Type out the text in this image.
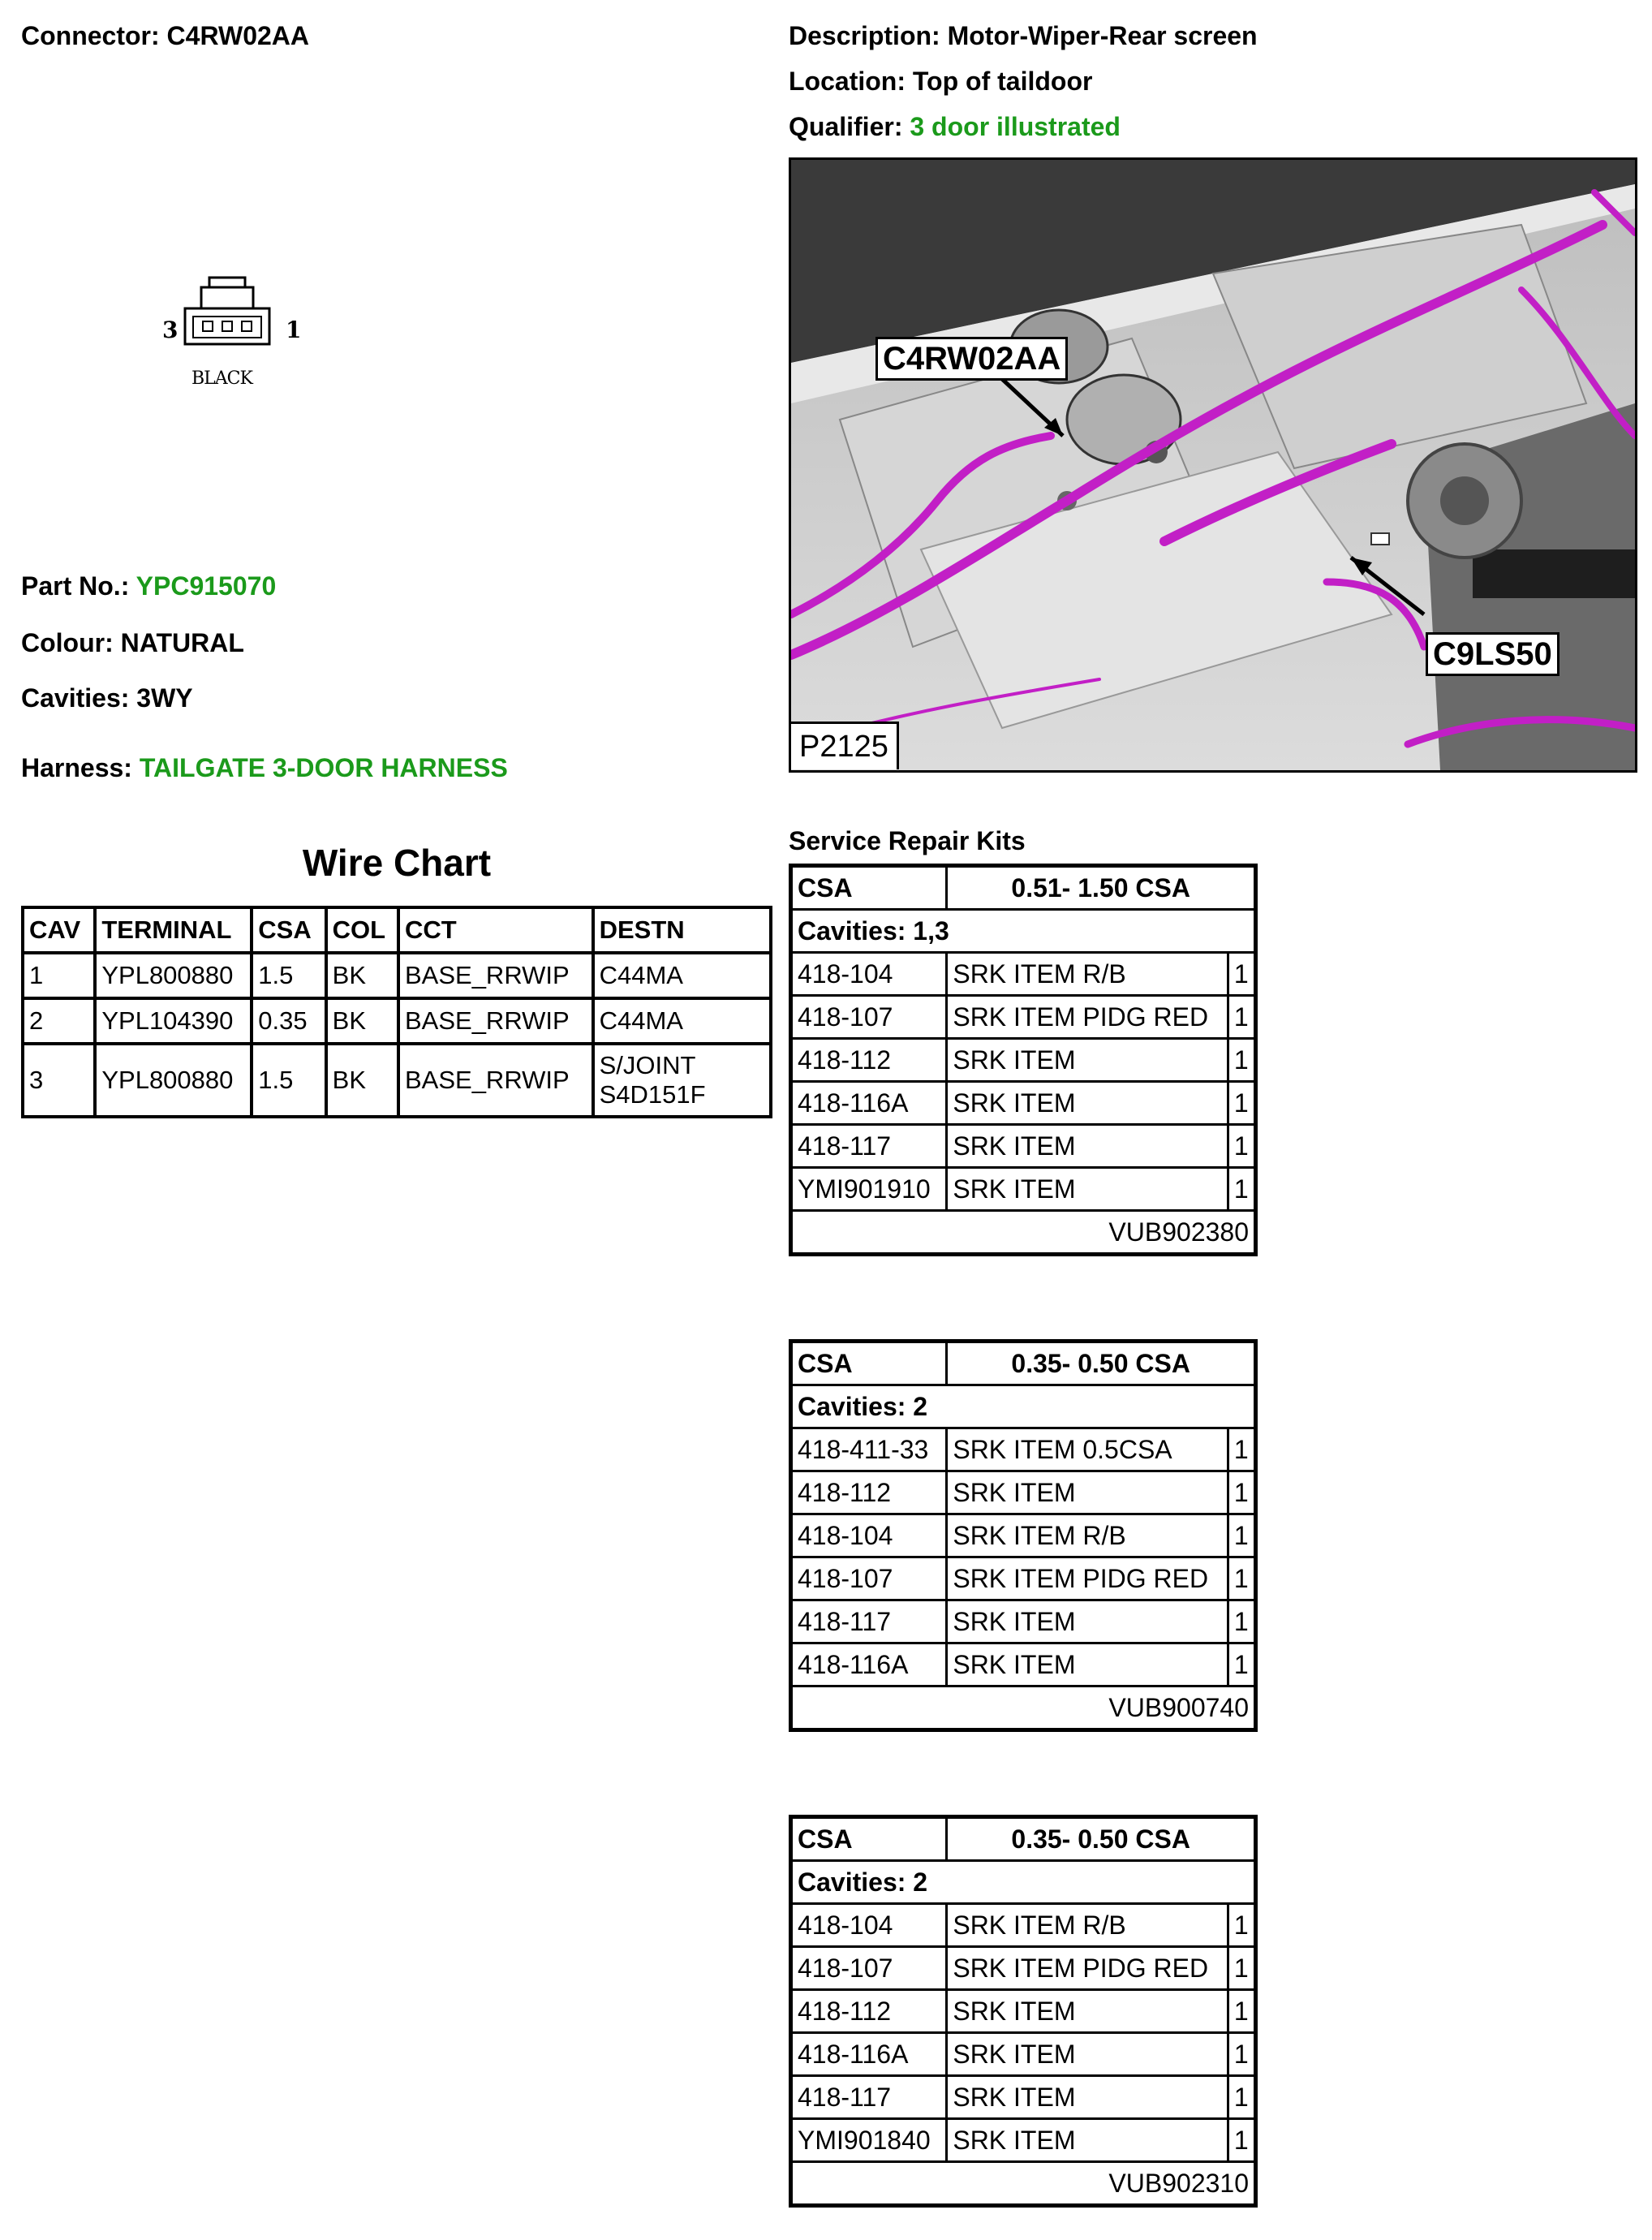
Connector: C4RW02AA	Description: Motor-Wiper-Rear screen
Location: Top of taildoor
Qualifier: 3 door illustrated
3	1
BLACK
C4RW02AA
C9LS50
P2125
Part No.: YPC915070
Colour: NATURAL
Cavities: 3WY
Harness: TAILGATE 3-DOOR HARNESS
Wire Chart
CAV	TERMINAL	CSA	COL	CCT	DESTN
1	YPL800880	1.5	BK	BASE_RRWIP	C44MA
2	YPL104390	0.35	BK	BASE_RRWIP	C44MA
3	YPL800880	1.5	BK	BASE_RRWIP	S/JOINT S4D151F
Service Repair Kits
CSA	0.51- 1.50 CSA	
Cavities: 1,3		
418-104	SRK ITEM R/B	1
418-107	SRK ITEM PIDG RED	1
418-112	SRK ITEM	1
418-116A	SRK ITEM	1
418-117	SRK ITEM	1
YMI901910	SRK ITEM	1
VUB902380		
CSA	0.35- 0.50 CSA	
Cavities: 2		
418-411-33	SRK ITEM 0.5CSA	1
418-112	SRK ITEM	1
418-104	SRK ITEM R/B	1
418-107	SRK ITEM PIDG RED	1
418-117	SRK ITEM	1
418-116A	SRK ITEM	1
VUB900740		
CSA	0.35- 0.50 CSA	
Cavities: 2		
418-104	SRK ITEM R/B	1
418-107	SRK ITEM PIDG RED	1
418-112	SRK ITEM	1
418-116A	SRK ITEM	1
418-117	SRK ITEM	1
YMI901840	SRK ITEM	1
VUB902310		
